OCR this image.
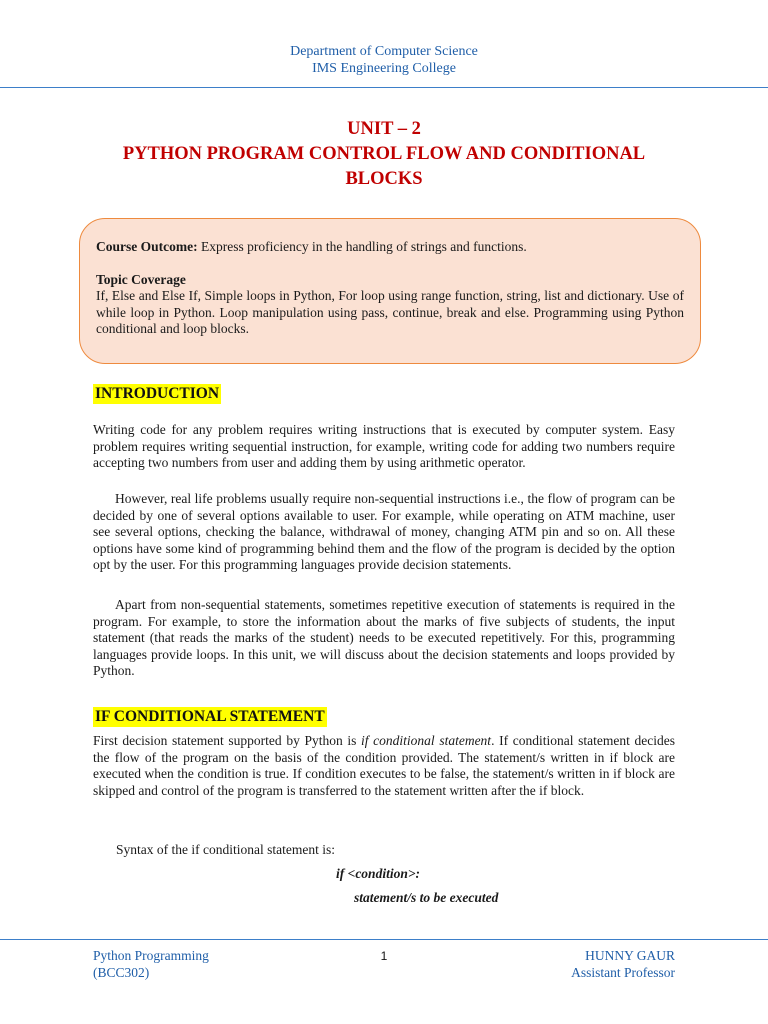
Department of Computer Science
IMS Engineering College
UNIT – 2
PYTHON PROGRAM CONTROL FLOW AND CONDITIONAL
BLOCKS
Course Outcome: Express proficiency in the handling of strings and functions.
Topic Coverage
If, Else and Else If, Simple loops in Python, For loop using range function, string, list and dictionary. Use of while loop in Python. Loop manipulation using pass, continue, break and else. Programming using Python conditional and loop blocks.
INTRODUCTION
Writing code for any problem requires writing instructions that is executed by computer system. Easy problem requires writing sequential instruction, for example, writing code for adding two numbers require accepting two numbers from user and adding them by using arithmetic operator.
However, real life problems usually require non-sequential instructions i.e., the flow of program can be decided by one of several options available to user. For example, while operating on ATM machine, user see several options, checking the balance, withdrawal of money, changing ATM pin and so on. All these options have some kind of programming behind them and the flow of the program is decided by the option opt by the user. For this programming languages provide decision statements.
Apart from non-sequential statements, sometimes repetitive execution of statements is required in the program. For example, to store the information about the marks of five subjects of students, the input statement (that reads the marks of the student) needs to be executed repetitively. For this, programming languages provide loops. In this unit, we will discuss about the decision statements and loops provided by Python.
IF CONDITIONAL STATEMENT
First decision statement supported by Python is if conditional statement. If conditional statement decides the flow of the program on the basis of the condition provided. The statement/s written in if block are executed when the condition is true. If condition executes to be false, the statement/s written in if block are skipped and control of the program is transferred to the statement written after the if block.
Syntax of the if conditional statement is:
if <condition>:
statement/s to be executed
Python Programming
(BCC302)
1	HUNNY GAUR
Assistant Professor
